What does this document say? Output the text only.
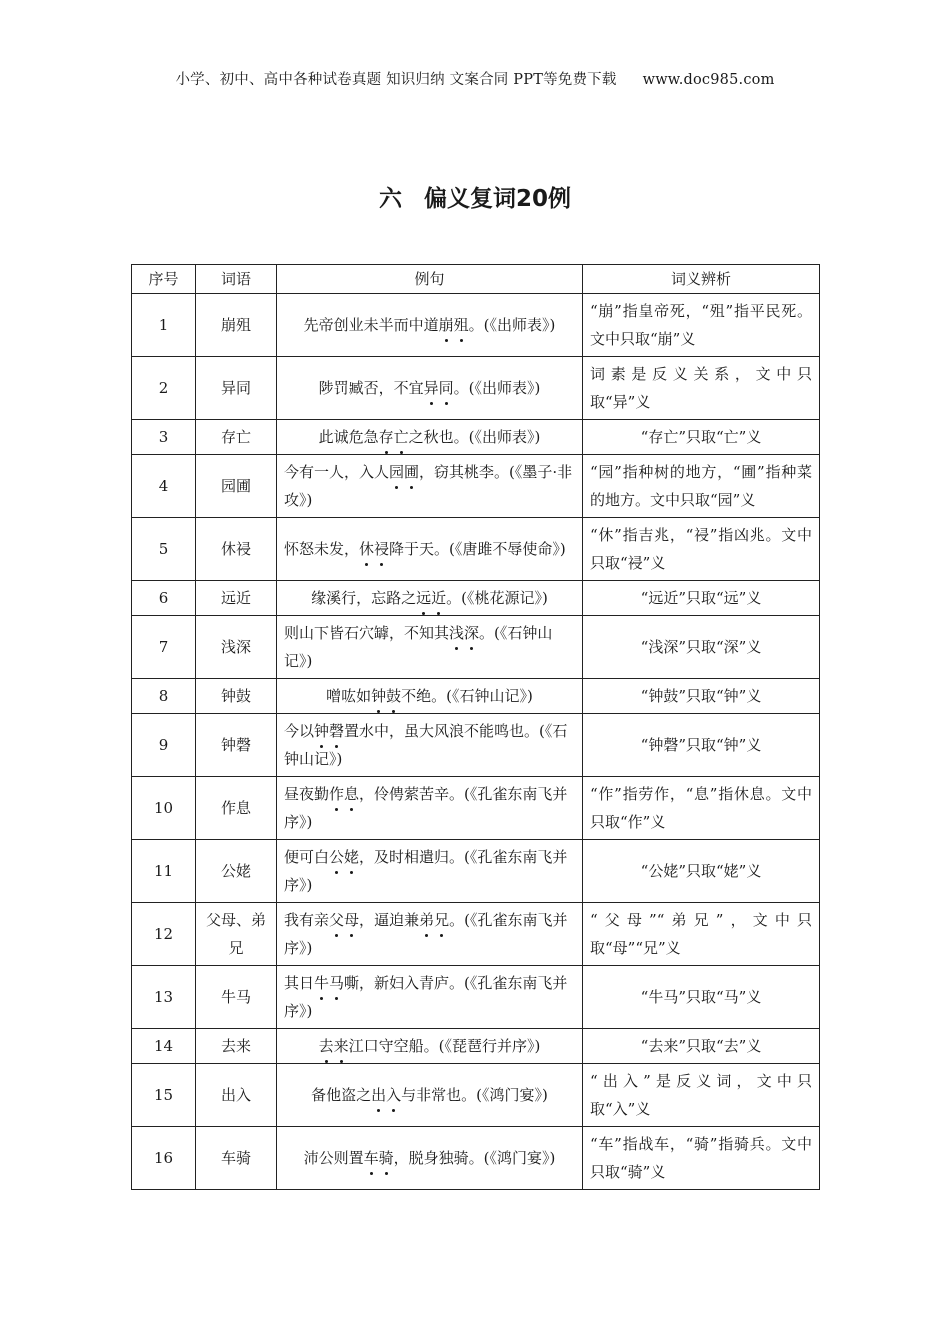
小学、初中、高中各种试卷真题 知识归纳 文案合同 PPT等免费下载 www.doc985.com
六 偏义复词20例
序号	词语	例句	词义辨析
1	崩殂	先帝创业未半而中道崩殂。(《出师表》)	“崩”指皇帝死，“殂”指平民死。文中只取“崩”义
2	异同	陟罚臧否，不宜异同。(《出师表》)	词素是反义关系，文中只取“异”义
3	存亡	此诚危急存亡之秋也。(《出师表》)	“存亡”只取“亡”义
4	园圃	今有一人，入人园圃，窃其桃李。(《墨子·非攻》)	“园”指种树的地方，“圃”指种菜的地方。文中只取“园”义
5	休祲	怀怒未发，休祲降于天。(《唐雎不辱使命》)	“休”指吉兆，“祲”指凶兆。文中只取“祲”义
6	远近	缘溪行，忘路之远近。(《桃花源记》)	“远近”只取“远”义
7	浅深	则山下皆石穴罅，不知其浅深。(《石钟山记》)	“浅深”只取“深”义
8	钟鼓	噌吰如钟鼓不绝。(《石钟山记》)	“钟鼓”只取“钟”义
9	钟磬	今以钟磬置水中，虽大风浪不能鸣也。(《石钟山记》)	“钟磬”只取“钟”义
10	作息	昼夜勤作息，伶俜萦苦辛。(《孔雀东南飞并序》)	“作”指劳作，“息”指休息。文中只取“作”义
11	公姥	便可白公姥，及时相遣归。(《孔雀东南飞并序》)	“公姥”只取“姥”义
12	父母、弟兄	我有亲父母，逼迫兼弟兄。(《孔雀东南飞并序》)	“父母”“弟兄”，文中只取“母”“兄”义
13	牛马	其日牛马嘶，新妇入青庐。(《孔雀东南飞并序》)	“牛马”只取“马”义
14	去来	去来江口守空船。(《琵琶行并序》)	“去来”只取“去”义
15	出入	备他盗之出入与非常也。(《鸿门宴》)	“出入”是反义词，文中只取“入”义
16	车骑	沛公则置车骑，脱身独骑。(《鸿门宴》)	“车”指战车，“骑”指骑兵。文中只取“骑”义
